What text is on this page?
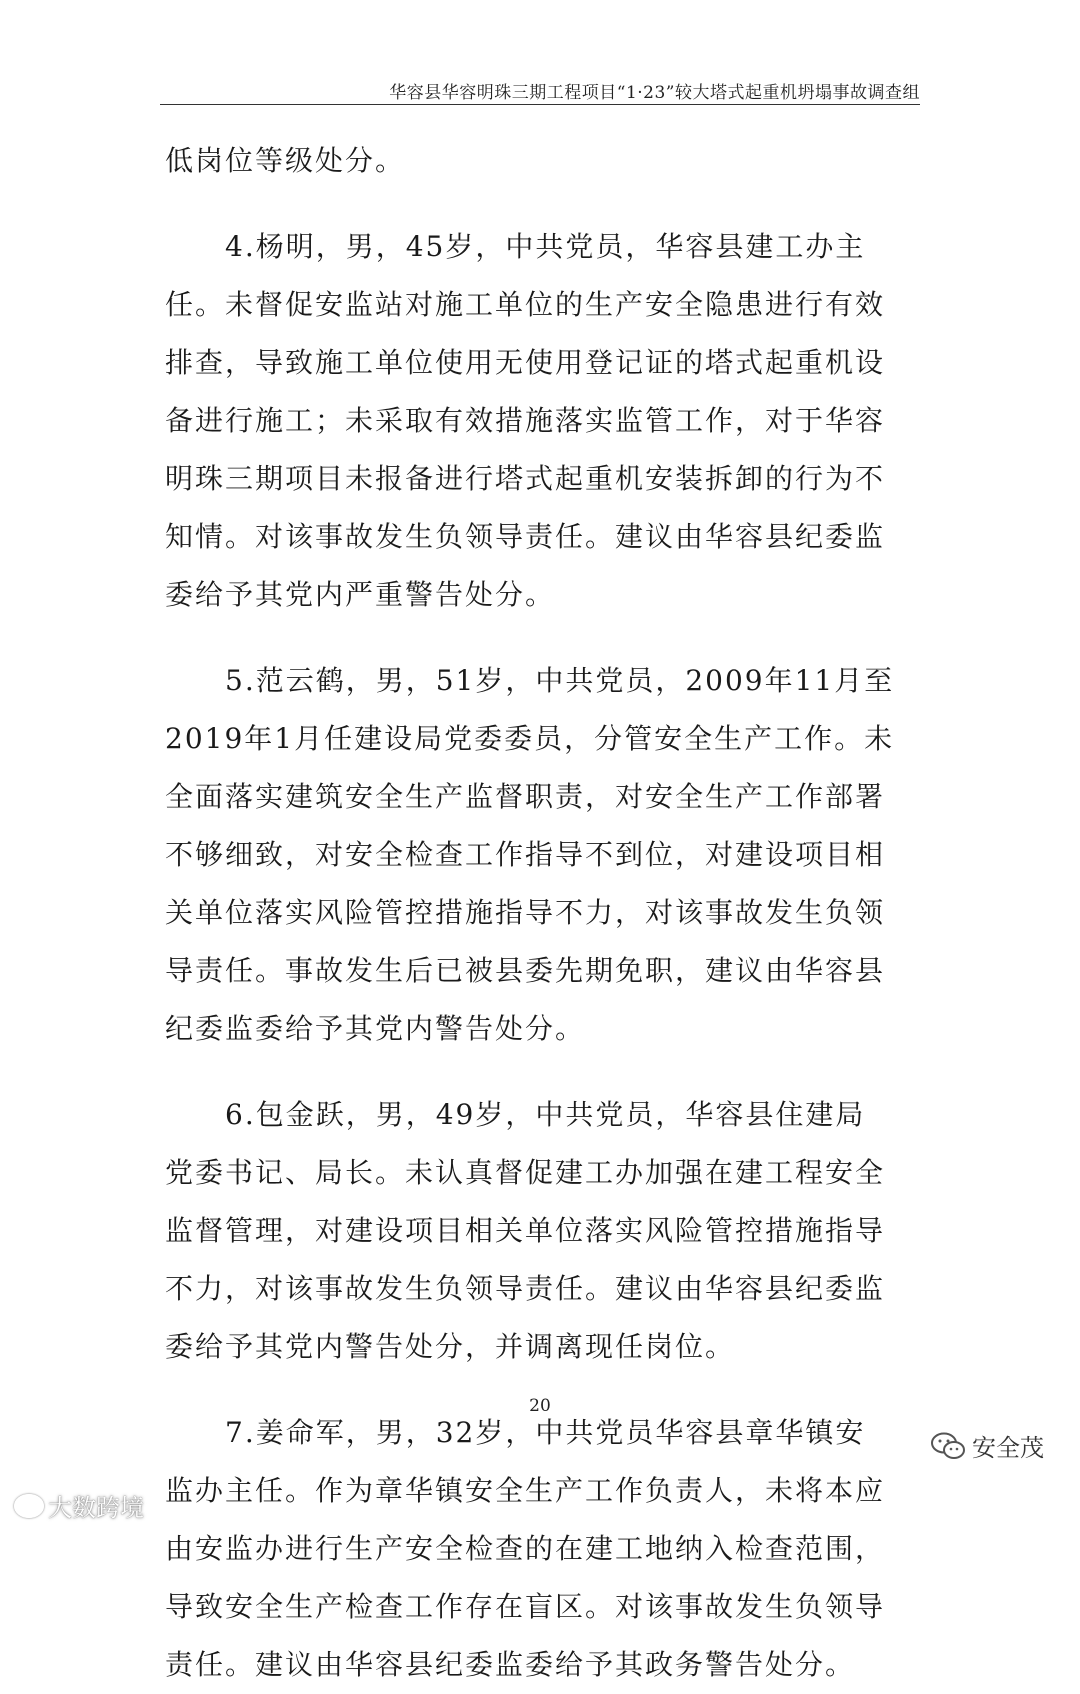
华容县华容明珠三期工程项目“1·23”较大塔式起重机坍塌事故调查组

低岗位等级处分。

4.杨明，男，45岁，中共党员，华容县建工办主任。未督促安监站对施工单位的生产安全隐患进行有效排查，导致施工单位使用无使用登记证的塔式起重机设备进行施工；未采取有效措施落实监管工作，对于华容明珠三期项目未报备进行塔式起重机安装拆卸的行为不知情。对该事故发生负领导责任。建议由华容县纪委监委给予其党内严重警告处分。

5.范云鹤，男，51岁，中共党员，2009年11月至2019年1月任建设局党委委员，分管安全生产工作。未全面落实建筑安全生产监督职责，对安全生产工作部署不够细致，对安全检查工作指导不到位，对建设项目相关单位落实风险管控措施指导不力，对该事故发生负领导责任。事故发生后已被县委先期免职，建议由华容县纪委监委给予其党内警告处分。

6.包金跃，男，49岁，中共党员，华容县住建局党委书记、局长。未认真督促建工办加强在建工程安全监督管理，对建设项目相关单位落实风险管控措施指导不力，对该事故发生负领导责任。建议由华容县纪委监委给予其党内警告处分，并调离现任岗位。

7.姜命军，男，32岁，中共党员华容县章华镇安监办主任。作为章华镇安全生产工作负责人，未将本应由安监办进行生产安全检查的在建工地纳入检查范围，导致安全生产检查工作存在盲区。对该事故发生负领导责任。建议由华容县纪委监委给予其政务警告处分。

20
大数跨境
安全茂
